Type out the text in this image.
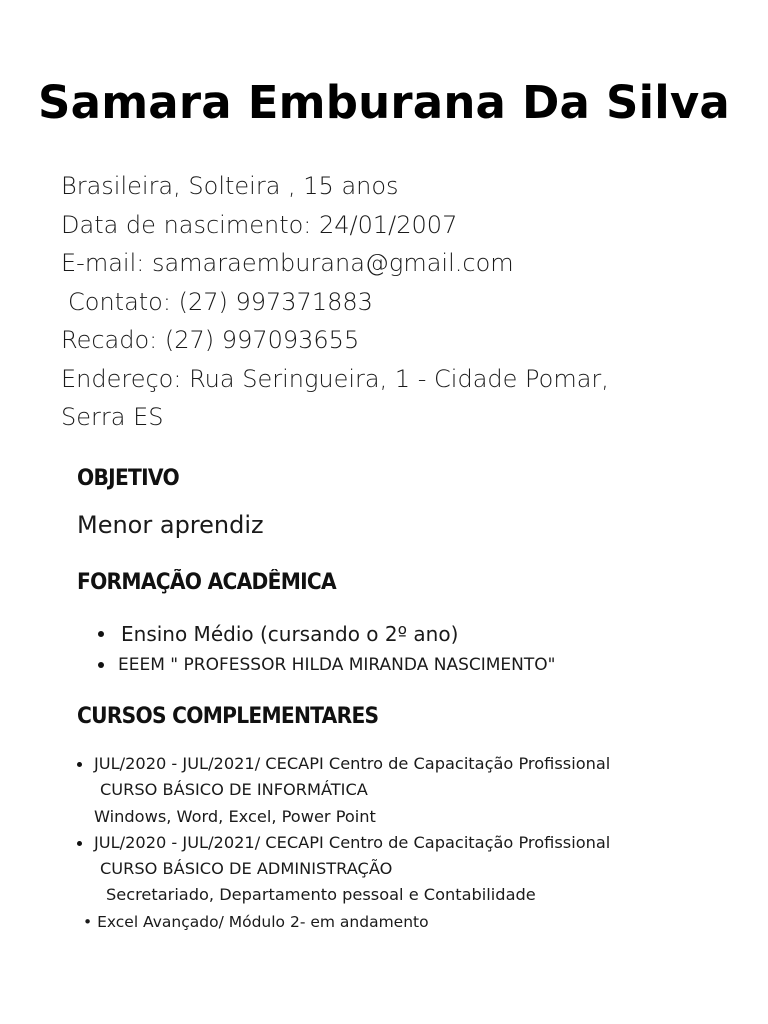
Samara Emburana Da Silva
Brasileira, Solteira , 15 anos
Data de nascimento: 24/01/2007
E-mail: samaraemburana@gmail.com
Contato: (27) 997371883
Recado: (27) 997093655
Endereço: Rua Seringueira, 1 - Cidade Pomar,
Serra ES
OBJETIVO
Menor aprendiz
FORMAÇÃO ACADÊMICA
Ensino Médio (cursando o 2º ano)
EEEM " PROFESSOR HILDA MIRANDA NASCIMENTO"
CURSOS COMPLEMENTARES
JUL/2020 - JUL/2021/ CECAPI Centro de Capacitação Profissional
CURSO BÁSICO DE INFORMÁTICA
Windows, Word, Excel, Power Point
JUL/2020 - JUL/2021/ CECAPI Centro de Capacitação Profissional
CURSO BÁSICO DE ADMINISTRAÇÃO
Secretariado, Departamento pessoal e Contabilidade
• Excel Avançado/ Módulo 2- em andamento
